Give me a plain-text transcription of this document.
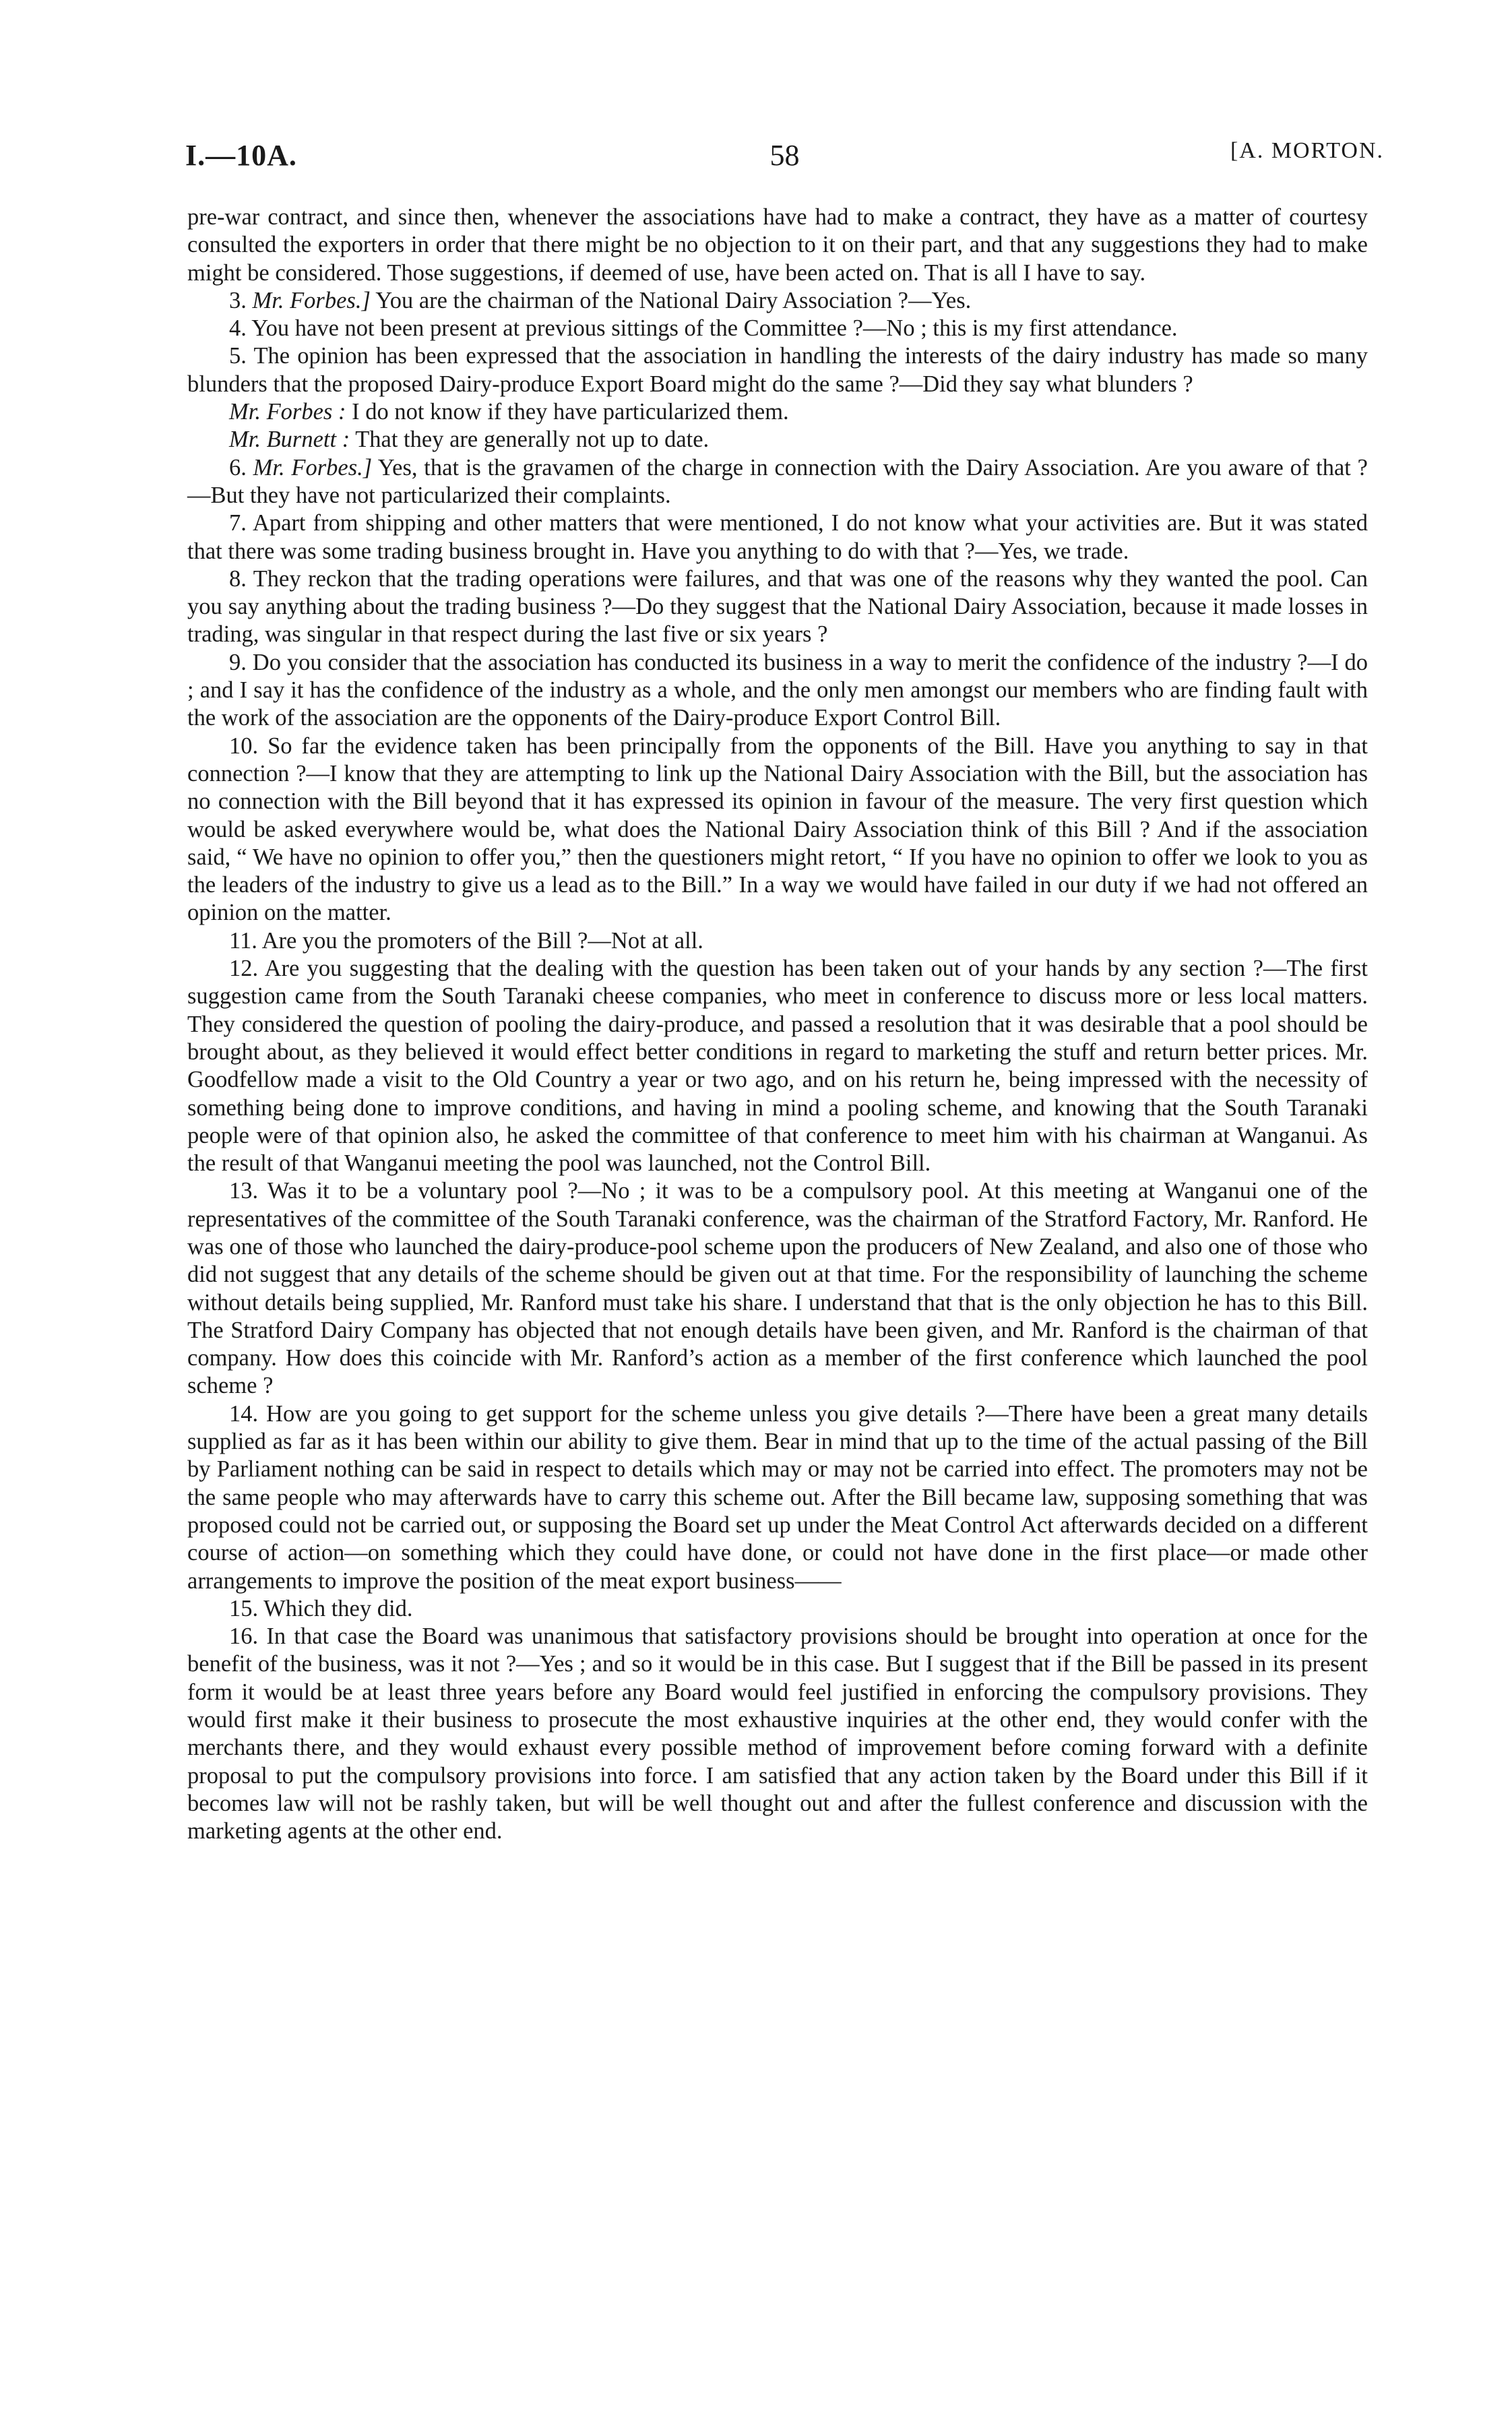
I.—10A.	58	[A. MORTON.

pre-war contract, and since then, whenever the associations have had to make a contract, they have as a matter of courtesy consulted the exporters in order that there might be no objection to it on their part, and that any suggestions they had to make might be considered. Those suggestions, if deemed of use, have been acted on. That is all I have to say.

3. Mr. Forbes.] You are the chairman of the National Dairy Association ?—Yes.

4. You have not been present at previous sittings of the Committee ?—No ; this is my first attendance.

5. The opinion has been expressed that the association in handling the interests of the dairy industry has made so many blunders that the proposed Dairy-produce Export Board might do the same ?—Did they say what blunders ?

Mr. Forbes : I do not know if they have particularized them.

Mr. Burnett : That they are generally not up to date.

6. Mr. Forbes.] Yes, that is the gravamen of the charge in connection with the Dairy Association. Are you aware of that ?—But they have not particularized their complaints.

7. Apart from shipping and other matters that were mentioned, I do not know what your activities are. But it was stated that there was some trading business brought in. Have you anything to do with that ?—Yes, we trade.

8. They reckon that the trading operations were failures, and that was one of the reasons why they wanted the pool. Can you say anything about the trading business ?—Do they suggest that the National Dairy Association, because it made losses in trading, was singular in that respect during the last five or six years ?

9. Do you consider that the association has conducted its business in a way to merit the confidence of the industry ?—I do ; and I say it has the confidence of the industry as a whole, and the only men amongst our members who are finding fault with the work of the association are the opponents of the Dairy-produce Export Control Bill.

10. So far the evidence taken has been principally from the opponents of the Bill. Have you anything to say in that connection ?—I know that they are attempting to link up the National Dairy Association with the Bill, but the association has no connection with the Bill beyond that it has expressed its opinion in favour of the measure. The very first question which would be asked everywhere would be, what does the National Dairy Association think of this Bill ? And if the association said, “ We have no opinion to offer you,” then the questioners might retort, “ If you have no opinion to offer we look to you as the leaders of the industry to give us a lead as to the Bill.” In a way we would have failed in our duty if we had not offered an opinion on the matter.

11. Are you the promoters of the Bill ?—Not at all.

12. Are you suggesting that the dealing with the question has been taken out of your hands by any section ?—The first suggestion came from the South Taranaki cheese companies, who meet in conference to discuss more or less local matters. They considered the question of pooling the dairy-produce, and passed a resolution that it was desirable that a pool should be brought about, as they believed it would effect better conditions in regard to marketing the stuff and return better prices. Mr. Goodfellow made a visit to the Old Country a year or two ago, and on his return he, being impressed with the necessity of something being done to improve conditions, and having in mind a pooling scheme, and knowing that the South Taranaki people were of that opinion also, he asked the committee of that conference to meet him with his chairman at Wanganui. As the result of that Wanganui meeting the pool was launched, not the Control Bill.

13. Was it to be a voluntary pool ?—No ; it was to be a compulsory pool. At this meeting at Wanganui one of the representatives of the committee of the South Taranaki conference, was the chairman of the Stratford Factory, Mr. Ranford. He was one of those who launched the dairy-produce-pool scheme upon the producers of New Zealand, and also one of those who did not suggest that any details of the scheme should be given out at that time. For the responsibility of launching the scheme without details being supplied, Mr. Ranford must take his share. I understand that that is the only objection he has to this Bill. The Stratford Dairy Company has objected that not enough details have been given, and Mr. Ranford is the chairman of that company. How does this coincide with Mr. Ranford’s action as a member of the first conference which launched the pool scheme ?

14. How are you going to get support for the scheme unless you give details ?—There have been a great many details supplied as far as it has been within our ability to give them. Bear in mind that up to the time of the actual passing of the Bill by Parliament nothing can be said in respect to details which may or may not be carried into effect. The promoters may not be the same people who may afterwards have to carry this scheme out. After the Bill became law, supposing something that was proposed could not be carried out, or supposing the Board set up under the Meat Control Act afterwards decided on a different course of action—on something which they could have done, or could not have done in the first place—or made other arrangements to improve the position of the meat export business——

15. Which they did.

16. In that case the Board was unanimous that satisfactory provisions should be brought into operation at once for the benefit of the business, was it not ?—Yes ; and so it would be in this case. But I suggest that if the Bill be passed in its present form it would be at least three years before any Board would feel justified in enforcing the compulsory provisions. They would first make it their business to prosecute the most exhaustive inquiries at the other end, they would confer with the merchants there, and they would exhaust every possible method of improvement before coming forward with a definite proposal to put the compulsory provisions into force. I am satisfied that any action taken by the Board under this Bill if it becomes law will not be rashly taken, but will be well thought out and after the fullest conference and discussion with the marketing agents at the other end.
